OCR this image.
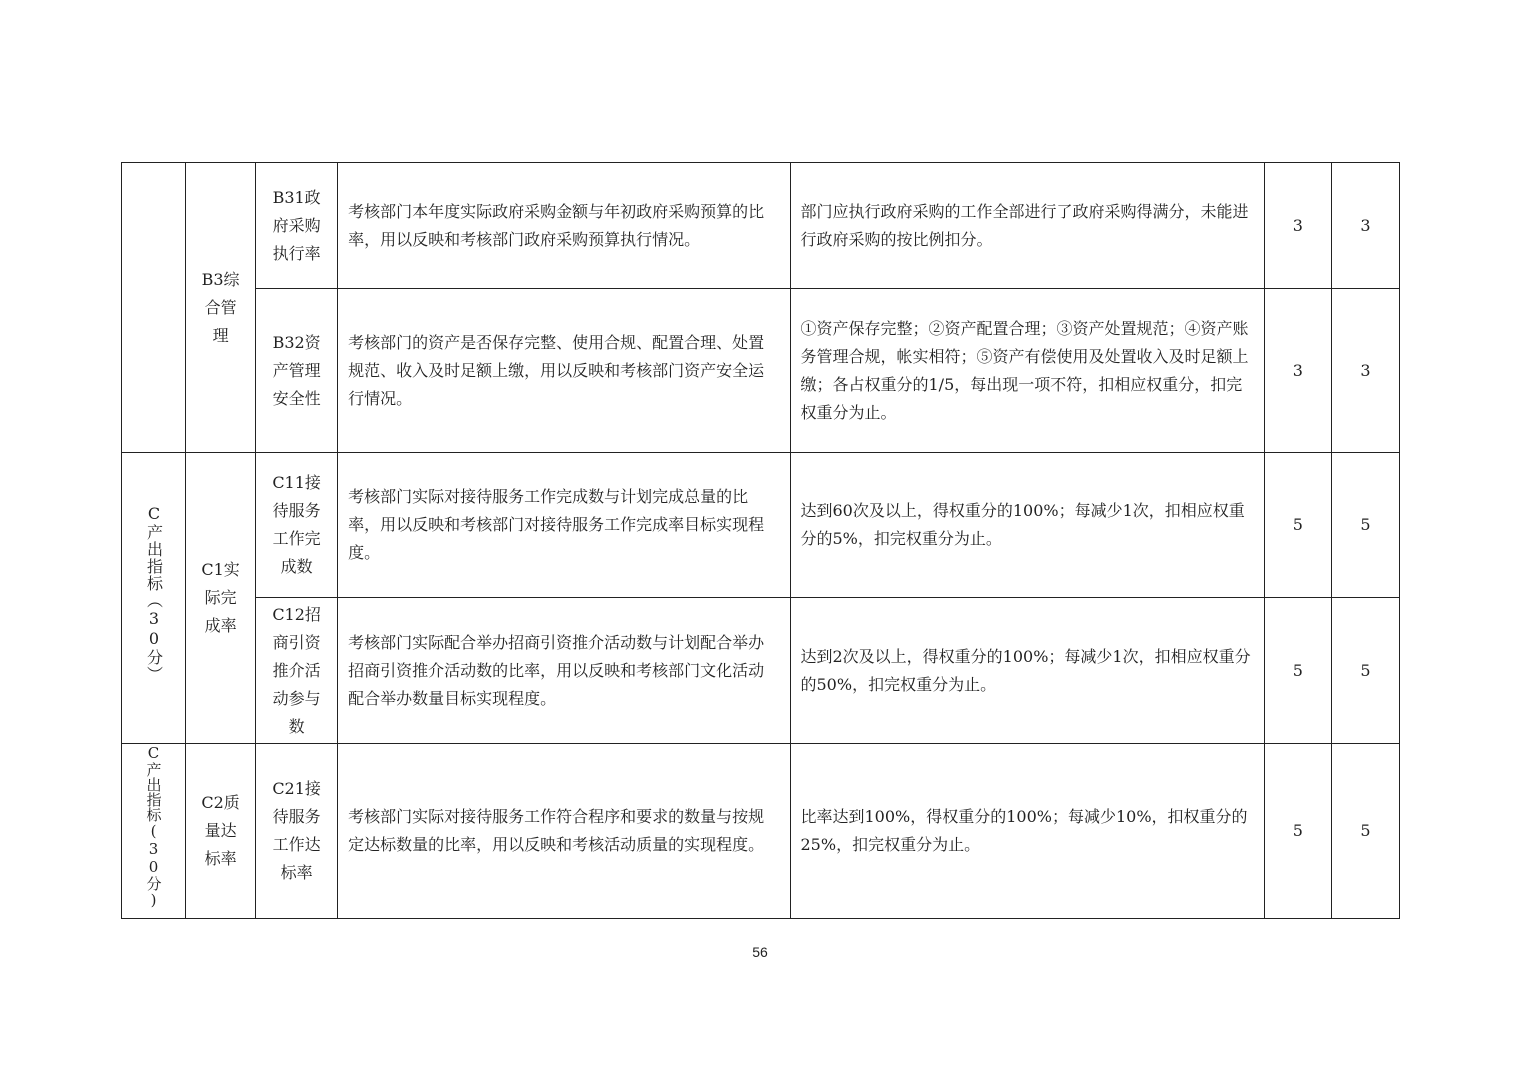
	B3综合管理	B31政府采购执行率	考核部门本年度实际政府采购金额与年初政府采购预算的比率，用以反映和考核部门政府采购预算执行情况。	部门应执行政府采购的工作全部进行了政府采购得满分，未能进行政府采购的按比例扣分。	3	3
		B32资产管理安全性	考核部门的资产是否保存完整、使用合规、配置合理、处置规范、收入及时足额上缴，用以反映和考核部门资产安全运行情况。	①资产保存完整；②资产配置合理；③资产处置规范；④资产账务管理合规，帐实相符；⑤资产有偿使用及处置收入及时足额上缴；各占权重分的1/5，每出现一项不符，扣相应权重分，扣完权重分为止。	3	3
C产出指标（30分）	C1实际完成率	C11接待服务工作完成数	考核部门实际对接待服务工作完成数与计划完成总量的比率，用以反映和考核部门对接待服务工作完成率目标实现程度。	达到60次及以上，得权重分的100%；每减少1次，扣相应权重分的5%，扣完权重分为止。	5	5
		C12招商引资推介活动参与数	考核部门实际配合举办招商引资推介活动数与计划配合举办招商引资推介活动数的比率，用以反映和考核部门文化活动配合举办数量目标实现程度。	达到2次及以上，得权重分的100%；每减少1次，扣相应权重分的50%，扣完权重分为止。	5	5
C产出指标(30分)	C2质量达标率	C21接待服务工作达标率	考核部门实际对接待服务工作符合程序和要求的数量与按规定达标数量的比率，用以反映和考核活动质量的实现程度。	比率达到100%，得权重分的100%；每减少10%，扣权重分的25%，扣完权重分为止。	5	5
56
